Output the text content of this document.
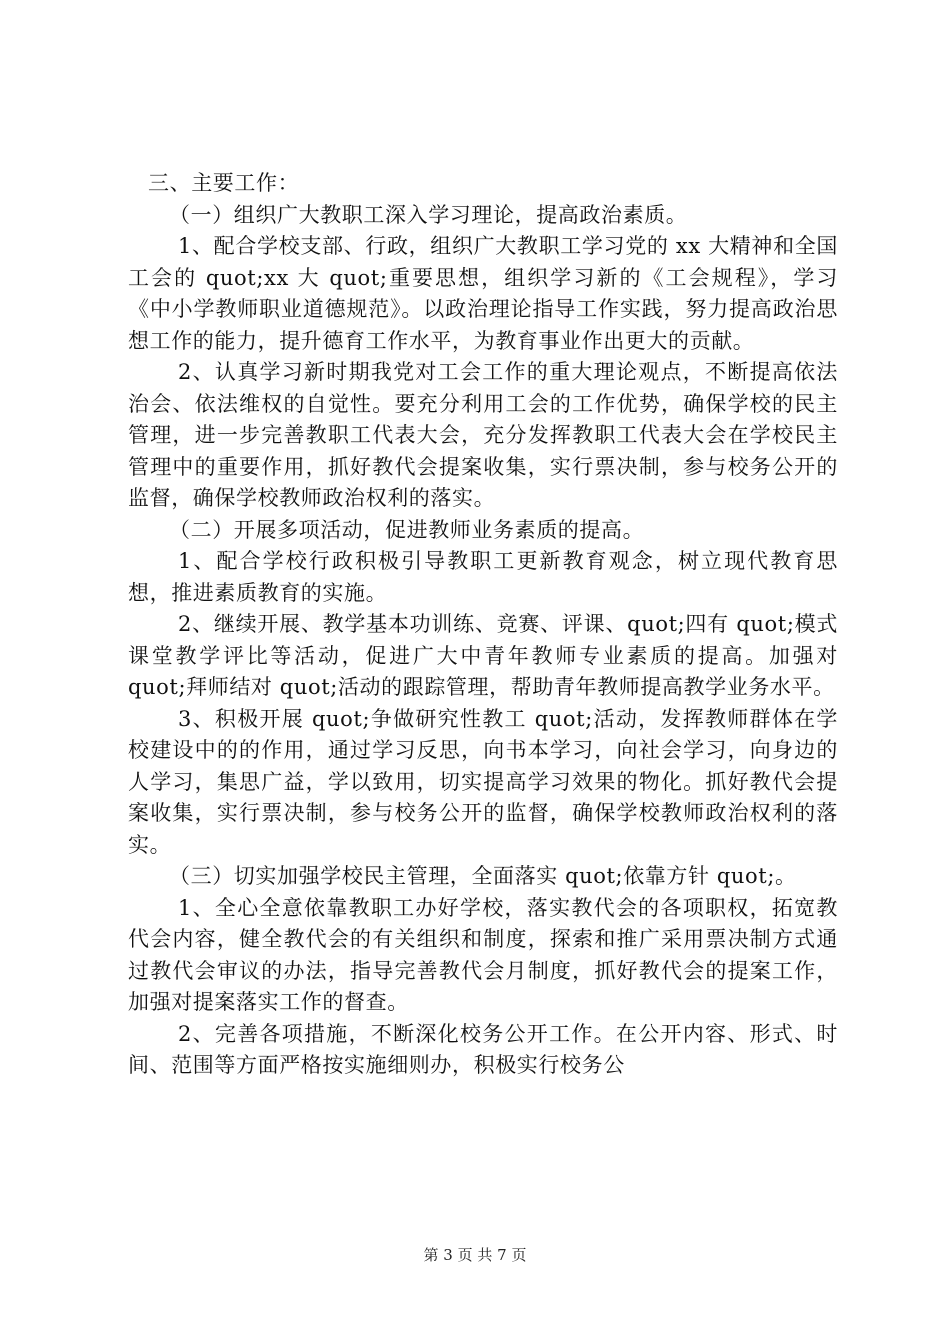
三、主要工作：

（一）组织广大教职工深入学习理论，提高政治素质。

1、配合学校支部、行政，组织广大教职工学习党的 xx 大精神和全国工会的 quot;xx 大 quot;重要思想，组织学习新的《工会规程》，学习《中小学教师职业道德规范》。以政治理论指导工作实践，努力提高政治思想工作的能力，提升德育工作水平，为教育事业作出更大的贡献。

2、认真学习新时期我党对工会工作的重大理论观点，不断提高依法治会、依法维权的自觉性。要充分利用工会的工作优势，确保学校的民主管理，进一步完善教职工代表大会，充分发挥教职工代表大会在学校民主管理中的重要作用，抓好教代会提案收集，实行票决制，参与校务公开的监督，确保学校教师政治权利的落实。

（二）开展多项活动，促进教师业务素质的提高。

1、配合学校行政积极引导教职工更新教育观念，树立现代教育思想，推进素质教育的实施。

2、继续开展、教学基本功训练、竞赛、评课、quot;四有 quot;模式课堂教学评比等活动，促进广大中青年教师专业素质的提高。加强对 quot;拜师结对 quot;活动的跟踪管理，帮助青年教师提高教学业务水平。

3、积极开展 quot;争做研究性教工 quot;活动，发挥教师群体在学校建设中的的作用，通过学习反思，向书本学习，向社会学习，向身边的人学习，集思广益，学以致用，切实提高学习效果的物化。抓好教代会提案收集，实行票决制，参与校务公开的监督，确保学校教师政治权利的落实。

（三）切实加强学校民主管理，全面落实 quot;依靠方针 quot;。

1、全心全意依靠教职工办好学校，落实教代会的各项职权，拓宽教代会内容，健全教代会的有关组织和制度，探索和推广采用票决制方式通过教代会审议的办法，指导完善教代会月制度，抓好教代会的提案工作，加强对提案落实工作的督查。

2、完善各项措施，不断深化校务公开工作。在公开内容、形式、时间、范围等方面严格按实施细则办，积极实行校务公

第 3 页 共 7 页
